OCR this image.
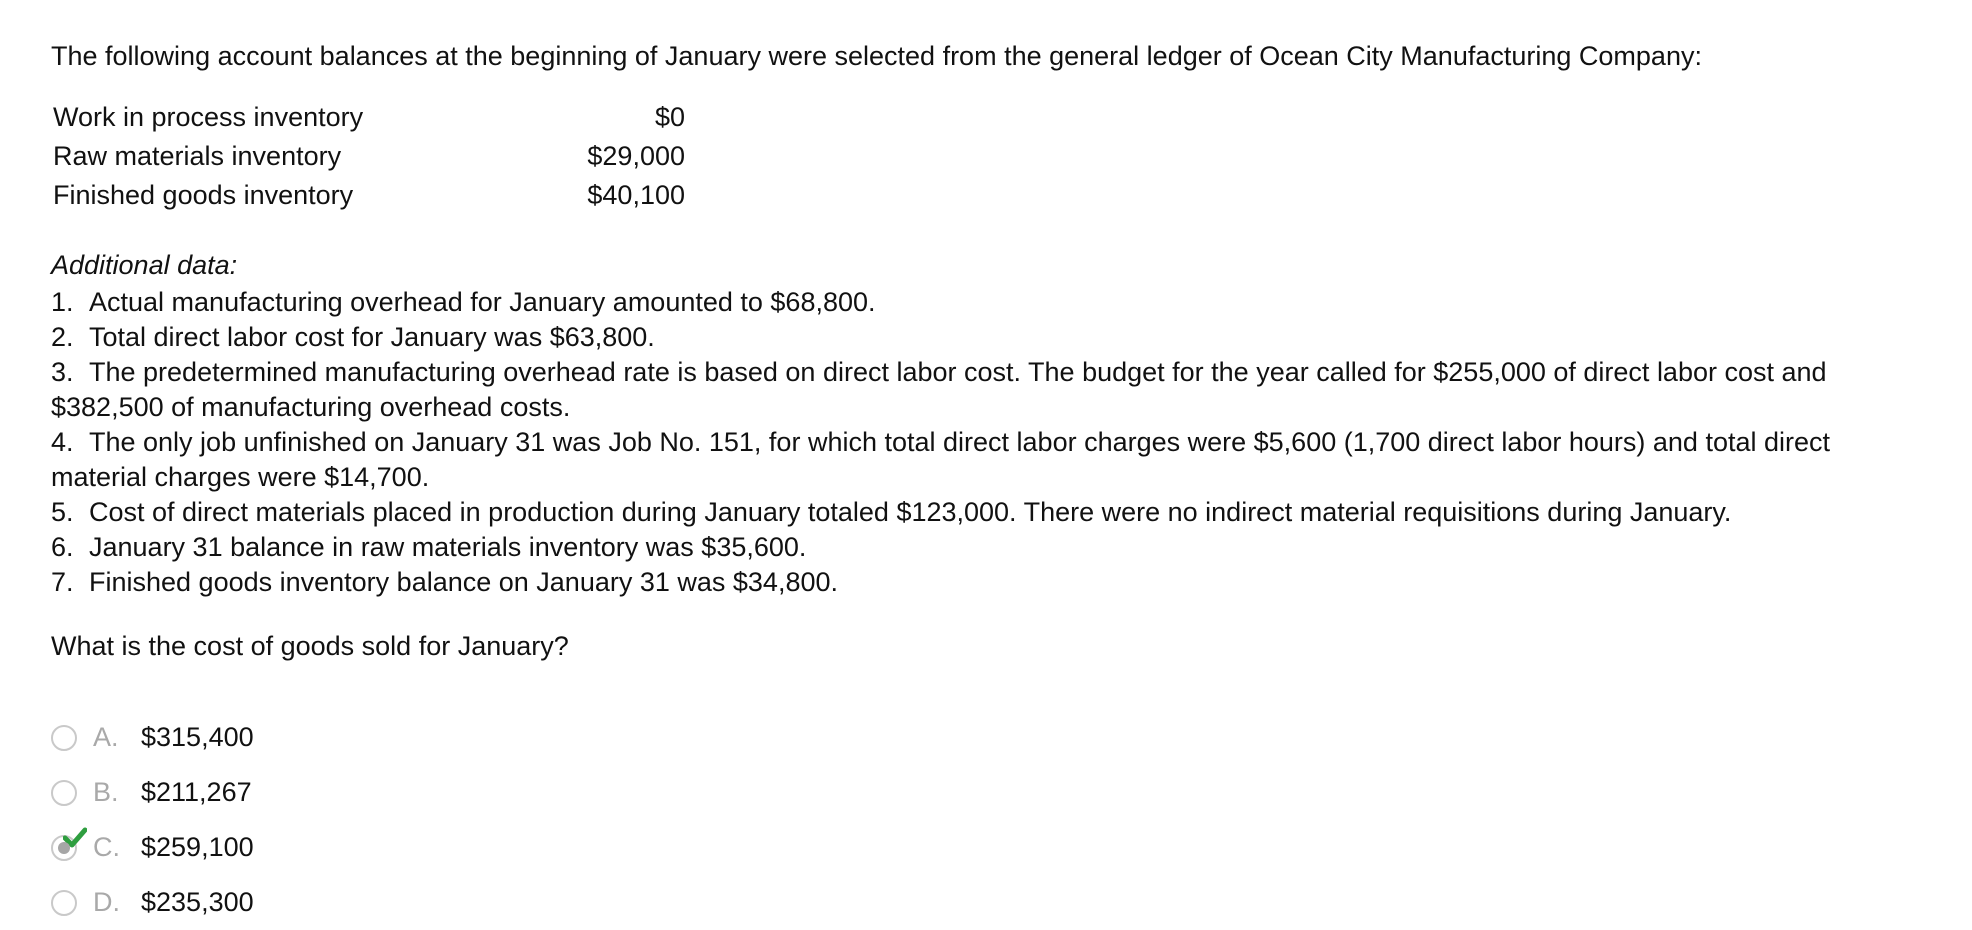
The following account balances at the beginning of January were selected from the general ledger of Ocean City Manufacturing Company:

Work in process inventory	$0
Raw materials inventory	$29,000
Finished goods inventory	$40,100
Additional data:
1. Actual manufacturing overhead for January amounted to $68,800.
2. Total direct labor cost for January was $63,800.
3. The predetermined manufacturing overhead rate is based on direct labor cost. The budget for the year called for $255,000 of direct labor cost and $382,500 of manufacturing overhead costs.
4. The only job unfinished on January 31 was Job No. 151, for which total direct labor charges were $5,600 (1,700 direct labor hours) and total direct material charges were $14,700.
5. Cost of direct materials placed in production during January totaled $123,000. There were no indirect material requisitions during January.
6. January 31 balance in raw materials inventory was $35,600.
7. Finished goods inventory balance on January 31 was $34,800.
What is the cost of goods sold for January?
A. $315,400
B. $211,267
C. $259,100
D. $235,300
